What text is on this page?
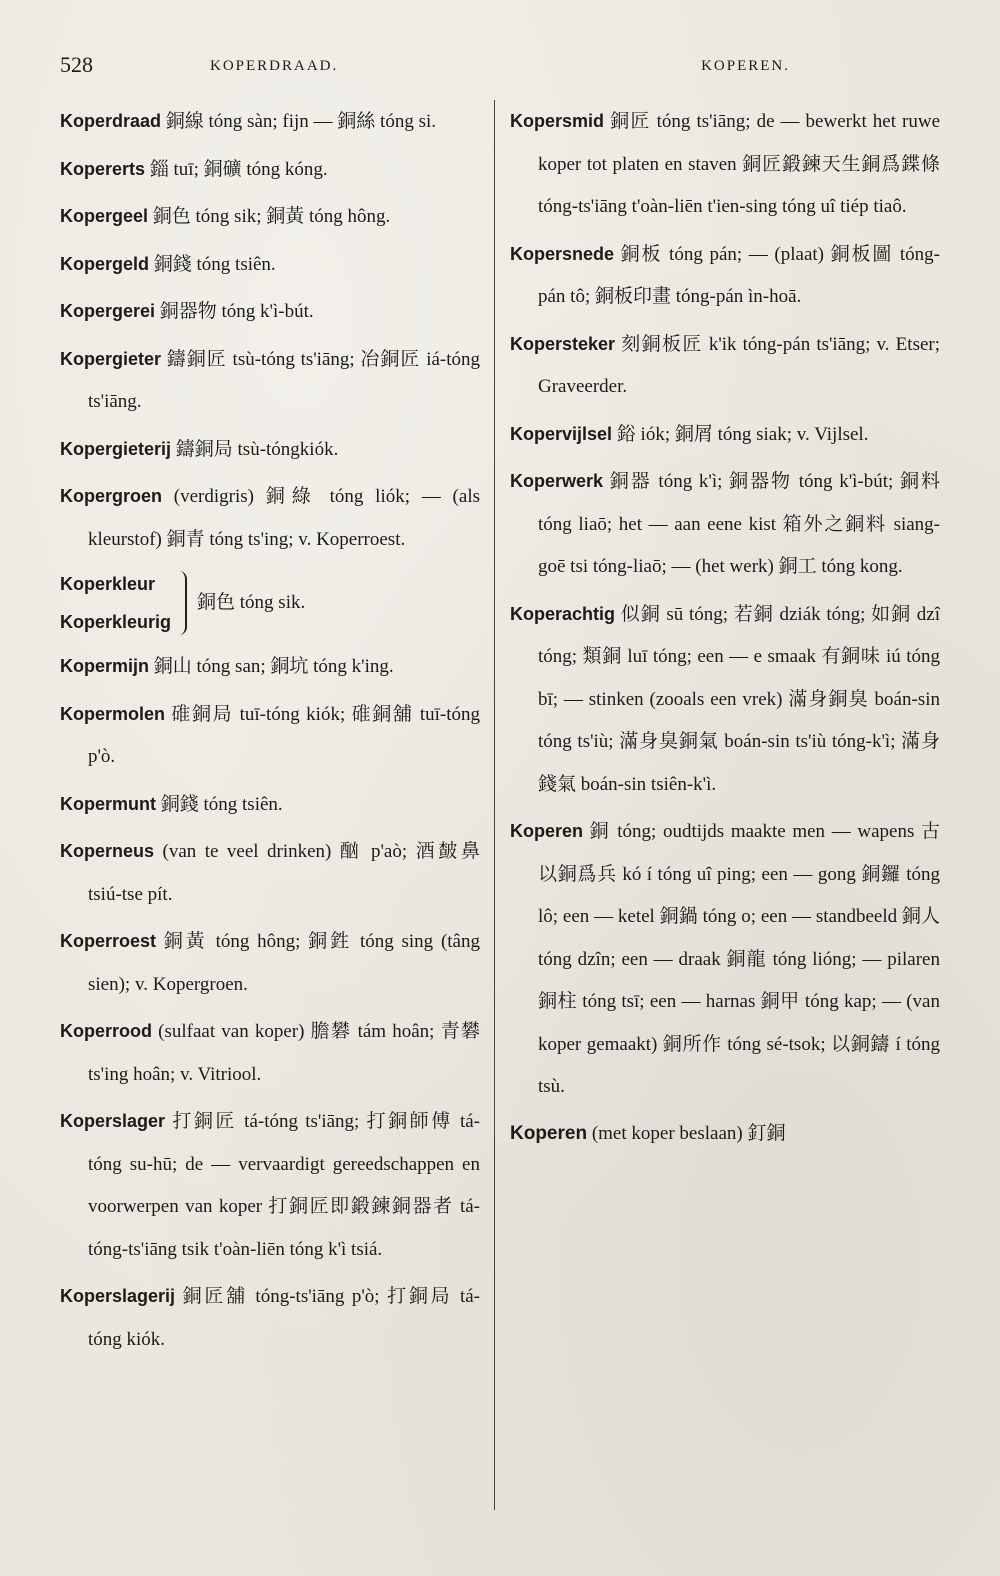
528	KOPERDRAAD.	KOPEREN.

Koperdraad 銅線 tóng sàn; fijn — 銅絲 tóng si.

Kopererts 錙 tuī; 銅礦 tóng kóng.

Kopergeel 銅色 tóng sik; 銅黃 tóng hông.

Kopergeld 銅錢 tóng tsiên.

Kopergerei 銅器物 tóng k'ì-bút.

Kopergieter 鑄銅匠 tsù-tóng ts'iāng; 冶銅匠 iá-tóng ts'iāng.

Kopergieterij 鑄銅局 tsù-tóngkiók.

Kopergroen (verdigris) 銅綠 tóng liók; — (als kleurstof) 銅青 tóng ts'ing; v. Koperroest.

Koperkleur
Koperkleurig
銅色 tóng sik.

Kopermijn 銅山 tóng san; 銅坑 tóng k'ing.

Kopermolen 碓銅局 tuī-tóng kiók; 碓銅舖 tuī-tóng p'ò.

Kopermunt 銅錢 tóng tsiên.

Koperneus (van te veel drinken) 酗 p'aò; 酒皶鼻 tsiú-tse pít.

Koperroest 銅黃 tóng hông; 銅鉎 tóng sing (tâng sien); v. Kopergroen.

Koperrood (sulfaat van koper) 膽礬 tám hoân; 青礬 ts'ing hoân; v. Vitriool.

Koperslager 打銅匠 tá-tóng ts'iāng; 打銅師傅 tá-tóng su-hū; de — vervaardigt gereedschappen en voorwerpen van koper 打銅匠即鍛鍊銅器者 tá-tóng-ts'iāng tsik t'oàn-liēn tóng k'ì tsiá.

Koperslagerij 銅匠舖 tóng-ts'iāng p'ò; 打銅局 tá-tóng kiók.

Kopersmid 銅匠 tóng ts'iāng; de — bewerkt het ruwe koper tot platen en staven 銅匠鍛鍊天生銅爲鍱條 tóng-ts'iāng t'oàn-liēn t'ien-sing tóng uî tiép tiaô.

Kopersnede 銅板 tóng pán; — (plaat) 銅板圖 tóng-pán tô; 銅板印畫 tóng-pán ìn-hoā.

Kopersteker 刻銅板匠 k'ik tóng-pán ts'iāng; v. Etser; Graveerder.

Kopervijlsel 鋊 iók; 銅屑 tóng siak; v. Vijlsel.

Koperwerk 銅器 tóng k'ì; 銅器物 tóng k'ì-bút; 銅料 tóng liaō; het — aan eene kist 箱外之銅料 siang-goē tsi tóng-liaō; — (het werk) 銅工 tóng kong.

Koperachtig 似銅 sū tóng; 若銅 dziák tóng; 如銅 dzî tóng; 類銅 luī tóng; een — e smaak 有銅味 iú tóng bī; — stinken (zooals een vrek) 滿身銅臭 boán-sin tóng ts'iù; 滿身臭銅氣 boán-sin ts'iù tóng-k'ì; 滿身錢氣 boán-sin tsiên-k'ì.

Koperen 銅 tóng; oudtijds maakte men — wapens 古以銅爲兵 kó í tóng uî ping; een — gong 銅鑼 tóng lô; een — ketel 銅鍋 tóng o; een — standbeeld 銅人 tóng dzîn; een — draak 銅龍 tóng lióng; — pilaren 銅柱 tóng tsī; een — harnas 銅甲 tóng kap; — (van koper gemaakt) 銅所作 tóng sé-tsok; 以銅鑄 í tóng tsù.

Koperen (met koper beslaan) 釘銅
